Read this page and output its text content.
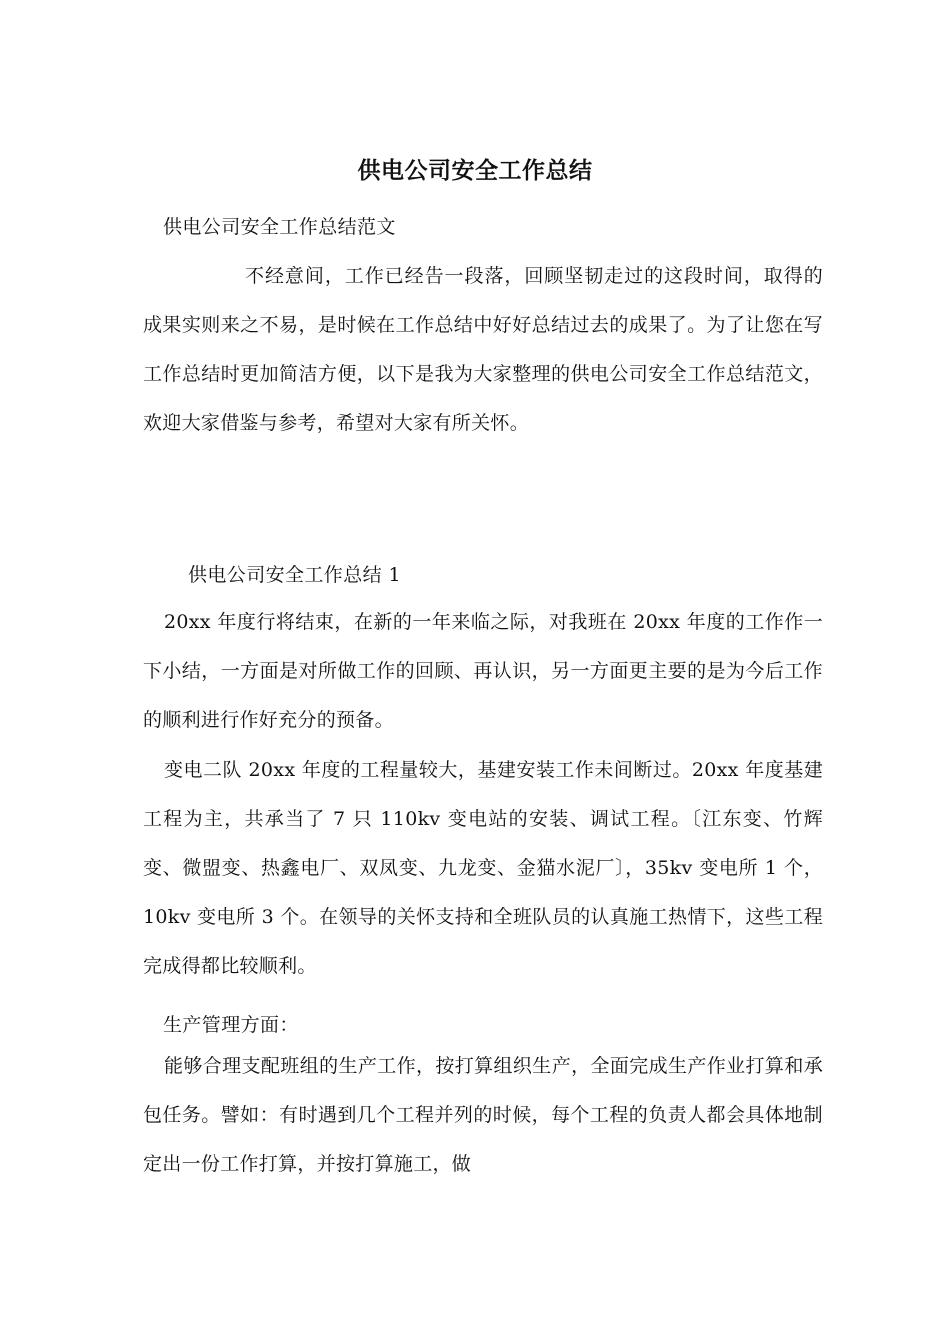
供电公司安全工作总结
供电公司安全工作总结范文
不经意间，工作已经告一段落，回顾坚韧走过的这段时间，取得的成果实则来之不易，是时候在工作总结中好好总结过去的成果了。为了让您在写工作总结时更加简洁方便，以下是我为大家整理的供电公司安全工作总结范文，欢迎大家借鉴与参考，希望对大家有所关怀。
供电公司安全工作总结 1
20xx 年度行将结束，在新的一年来临之际，对我班在 20xx 年度的工作作一下小结，一方面是对所做工作的回顾、再认识，另一方面更主要的是为今后工作的顺利进行作好充分的预备。
变电二队 20xx 年度的工程量较大，基建安装工作未间断过。20xx 年度基建工程为主，共承当了 7 只 110kv 变电站的安装、调试工程。〔江东变、竹辉变、微盟变、热鑫电厂、双凤变、九龙变、金猫水泥厂〕，35kv 变电所 1 个，10kv 变电所 3 个。在领导的关怀支持和全班队员的认真施工热情下，这些工程完成得都比较顺利。
生产管理方面：
能够合理支配班组的生产工作，按打算组织生产，全面完成生产作业打算和承包任务。譬如：有时遇到几个工程并列的时候，每个工程的负责人都会具体地制定出一份工作打算，并按打算施工，做
